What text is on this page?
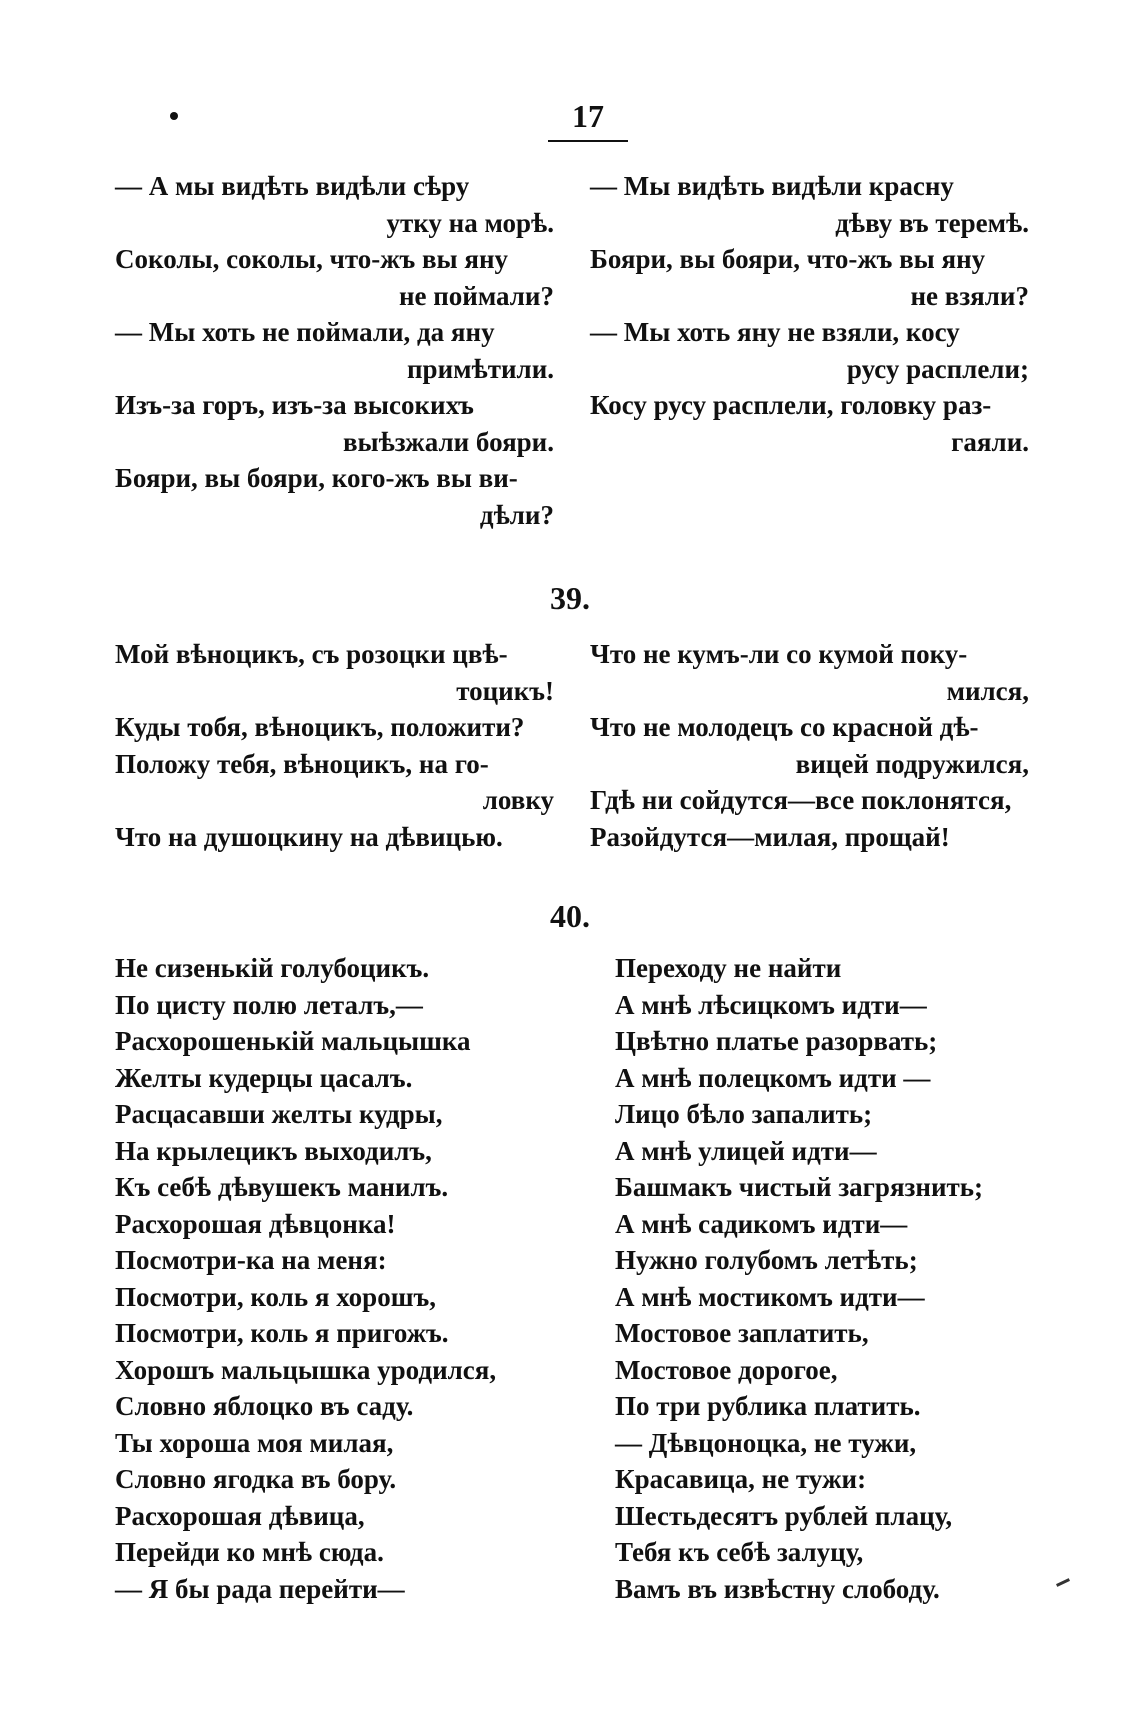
17
— А мы видѣть видѣли сѣру
утку на морѣ.
Соколы, соколы, что-жъ вы яну
не поймали?
— Мы хоть не поймали, да яну
примѣтили.
Изъ-за горъ, изъ-за высокихъ
выѣзжали бояри.
Бояри, вы бояри, кого-жъ вы ви-
дѣли?
— Мы видѣть видѣли красну
дѣву въ теремѣ.
Бояри, вы бояри, что-жъ вы яну
не взяли?
— Мы хоть яну не взяли, косу
русу расплели;
Косу русу расплели, головку раз-
гаяли.
39.
Мой вѣноцикъ, съ розоцки цвѣ-
тоцикъ!
Куды тобя, вѣноцикъ, положити?
Положу тебя, вѣноцикъ, на го-
ловку
Что на душоцкину на дѣвицью.
Что не кумъ-ли со кумой поку-
мился,
Что не молодецъ со красной дѣ-
вицей подружился,
Гдѣ ни сойдутся—все поклонятся,
Разойдутся—милая, прощай!
40.
Не сизенькій голубоцикъ.
По цисту полю леталъ,—
Расхорошенькій мальцышка
Желты кудерцы цасалъ.
Расцасавши желты кудры,
На крылецикъ выходилъ,
Къ себѣ дѣвушекъ манилъ.
Расхорошая дѣвцонка!
Посмотри-ка на меня:
Посмотри, коль я хорошъ,
Посмотри, коль я пригожъ.
Хорошъ мальцышка уродился,
Словно яблоцко въ саду.
Ты хороша моя милая,
Словно ягодка въ бору.
Расхорошая дѣвица,
Перейди ко мнѣ сюда.
— Я бы рада перейти—
Переходу не найти
А мнѣ лѣсицкомъ идти—
Цвѣтно платье разорвать;
А мнѣ полецкомъ идти —
Лицо бѣло запалить;
А мнѣ улицей идти—
Башмакъ чистый загрязнить;
А мнѣ садикомъ идти—
Нужно голубомъ летѣть;
А мнѣ мостикомъ идти—
Мостовое заплатить,
Мостовое дорогое,
По три рублика платить.
— Дѣвцоноцка, не тужи,
Красавица, не тужи:
Шестьдесятъ рублей плацу,
Тебя къ себѣ залуцу,
Вамъ въ извѣстну слободу.
